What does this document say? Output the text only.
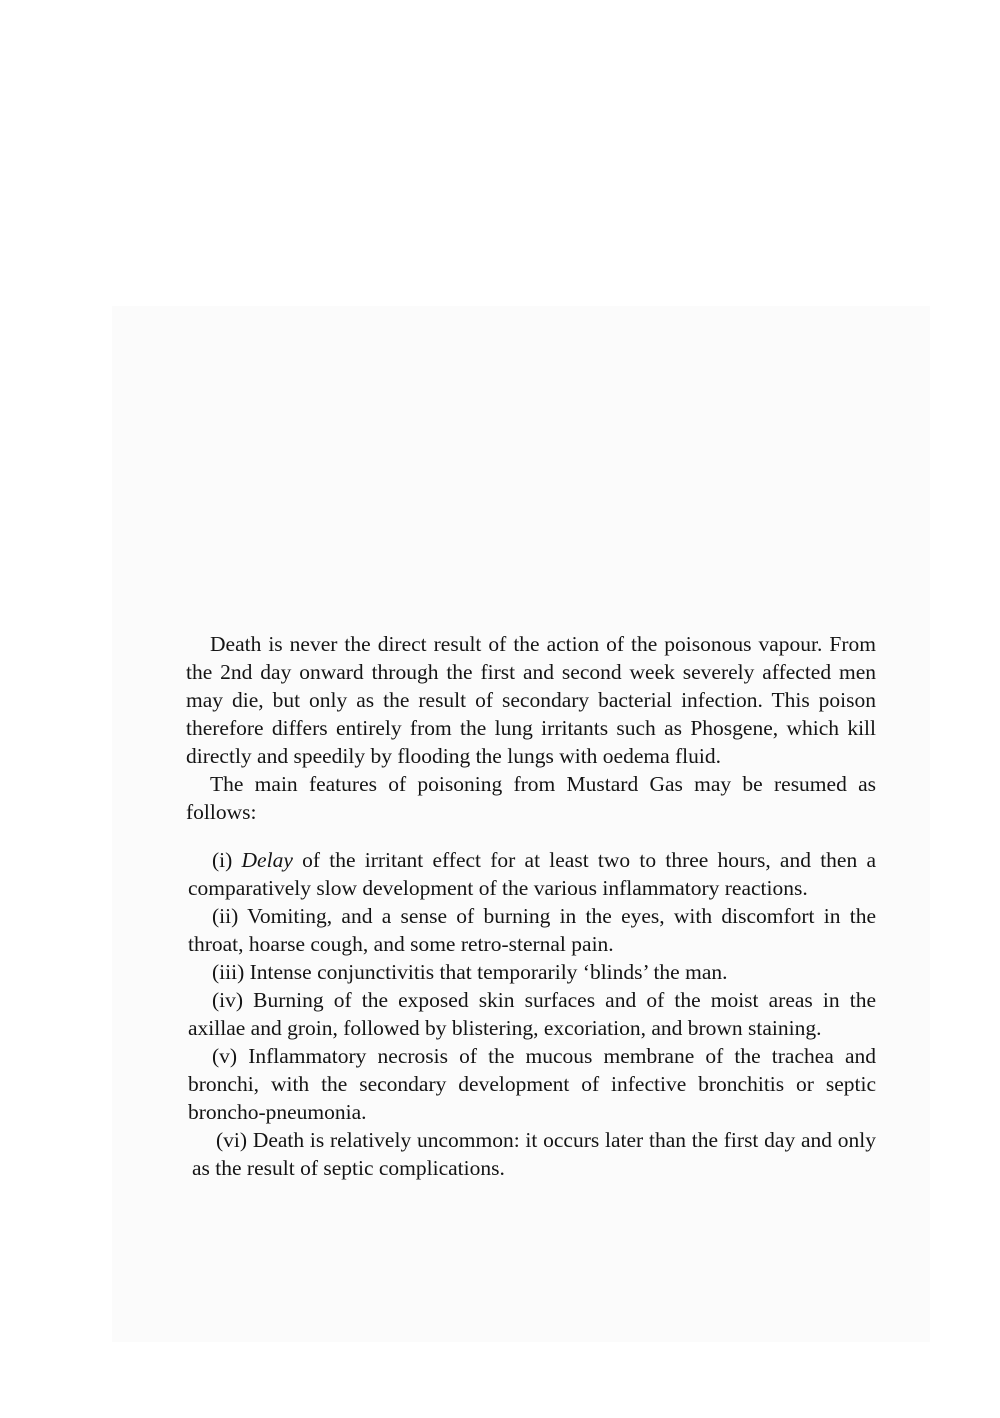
Death is never the direct result of the action of the poisonous vapour. From the 2nd day onward through the first and second week severely affected men may die, but only as the result of secondary bacterial infection. This poison therefore differs entirely from the lung irritants such as Phosgene, which kill directly and speedily by flooding the lungs with oedema fluid.

The main features of poisoning from Mustard Gas may be resumed as follows:

(i) Delay of the irritant effect for at least two to three hours, and then a comparatively slow development of the various inflammatory reactions.

(ii) Vomiting, and a sense of burning in the eyes, with discomfort in the throat, hoarse cough, and some retro-sternal pain.

(iii) Intense conjunctivitis that temporarily ‘blinds’ the man.

(iv) Burning of the exposed skin surfaces and of the moist areas in the axillae and groin, followed by blistering, excoriation, and brown staining.

(v) Inflammatory necrosis of the mucous membrane of the trachea and bronchi, with the secondary development of infective bronchitis or septic broncho-pneumonia.

(vi) Death is relatively uncommon: it occurs later than the first day and only as the result of septic complications.
